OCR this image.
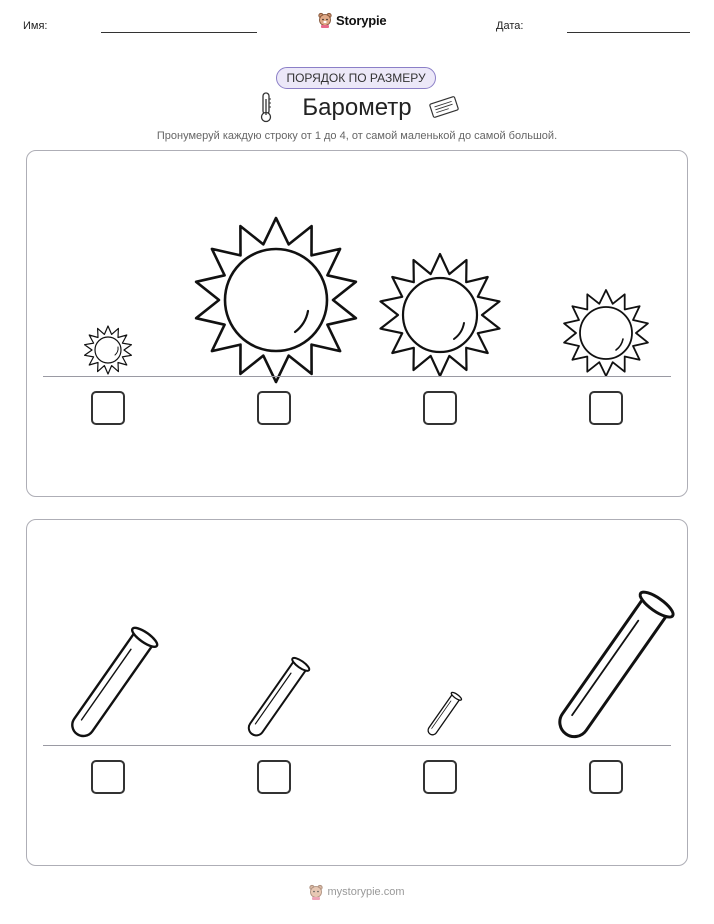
Имя:	Storypie	Дата:
ПОРЯДОК ПО РАЗМЕРУ
Барометр
Пронумеруй каждую строку от 1 до 4, от самой маленькой до самой большой.
mystorypie.com
